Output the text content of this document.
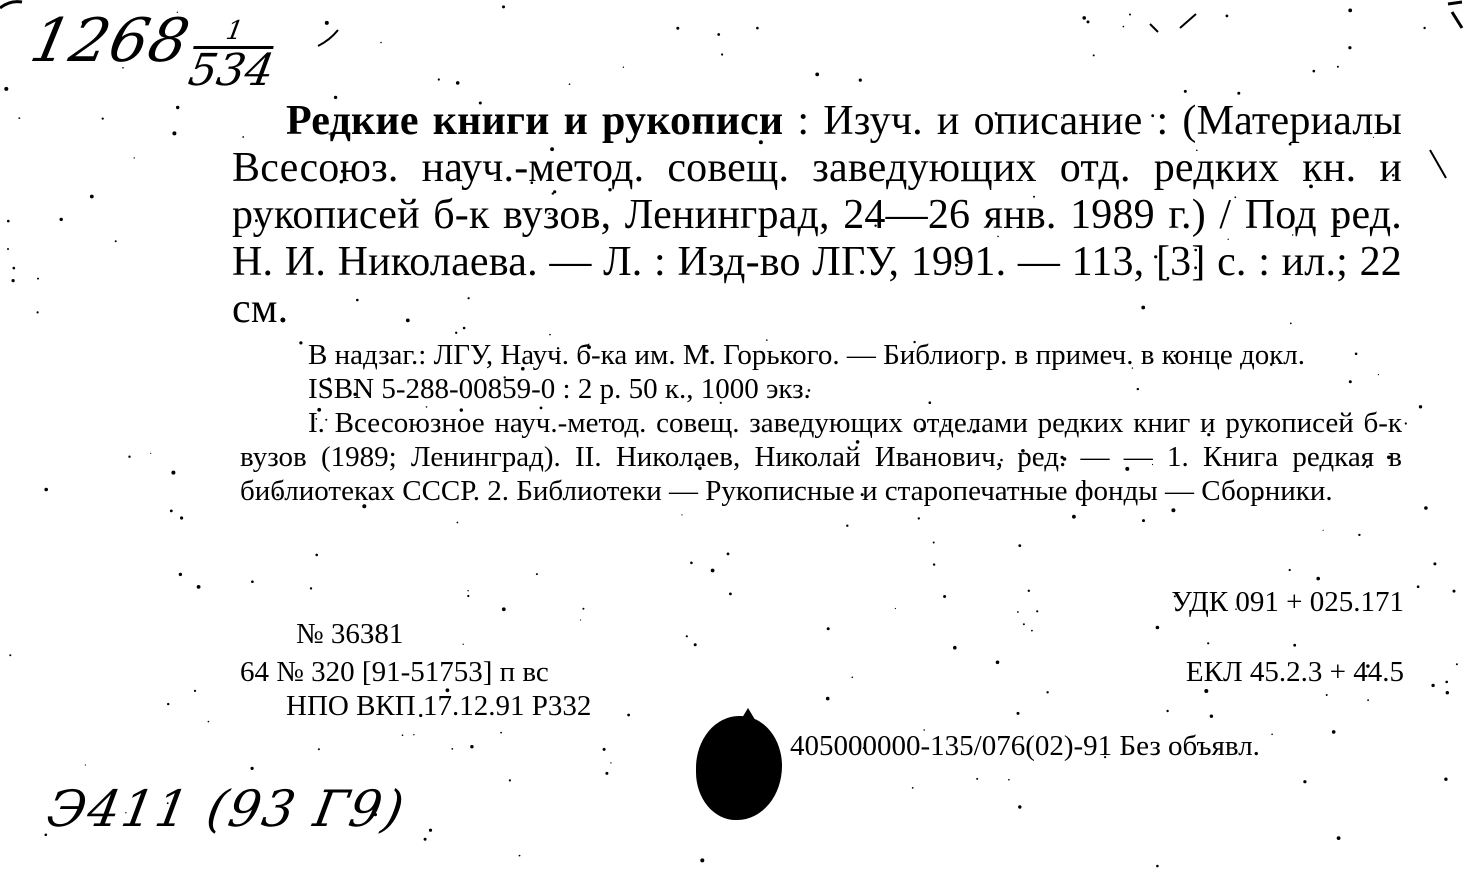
1268	1
534
Редкие книги и рукописи : Изуч. и описание : (Материалы Всесоюз. науч.-метод. совещ. заведующих отд. редких кн. и рукописей б-к вузов, Ленинград, 24—26 янв. 1989 г.) / Под ред. Н. И. Николаева. — Л. : Изд-во ЛГУ, 1991. — 113, [3] с. : ил.; 22 см.

В надзаг.: ЛГУ, Науч. б-ка им. М. Горького. — Библиогр. в примеч. в конце докл.

ISBN 5-288-00859-0 : 2 р. 50 к., 1000 экз.

I. Всесоюзное науч.-метод. совещ. заведующих отделами редких книг и рукописей б-к вузов (1989; Ленинград). II. Николаев, Николай Иванович, ред. — — 1. Книга редкая в библиотеках СССР. 2. Библиотеки — Рукописные и старопечатные фонды — Сборники.

УДК 091 + 025.171
№ 36381
64 № 320 [91-51753] п вс	ЕКЛ 45.2.3 + 44.5
НПО ВКП 17.12.91 Р332
405000000-135/076(02)-91 Без объявл.
Э411 (93 Г9)
